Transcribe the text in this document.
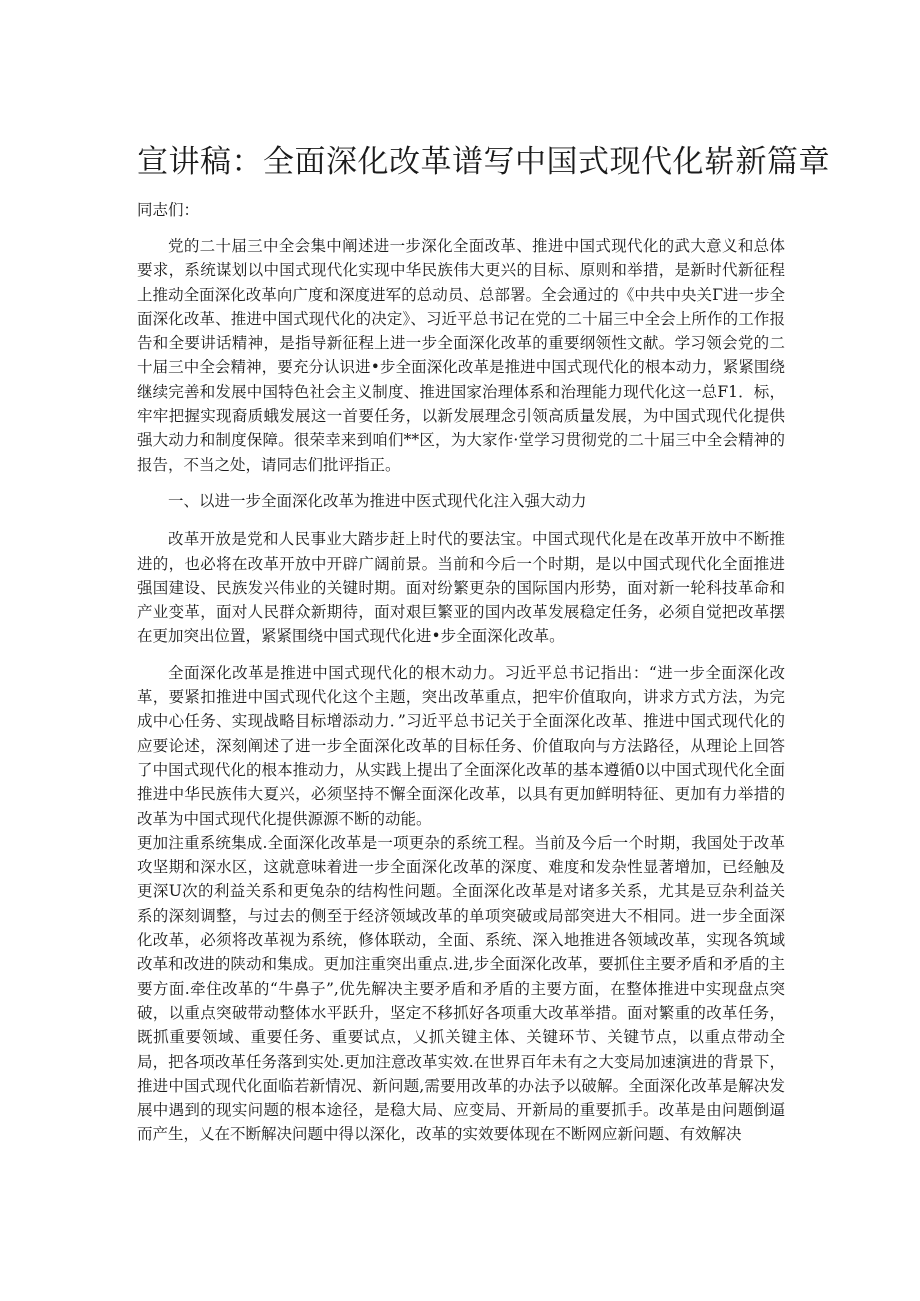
宣讲稿：全面深化改革谱写中国式现代化崭新篇章

同志们：

党的二十届三中全会集中阐述进一步深化全面改革、推进中国式现代化的武大意义和总体要求，系统谋划以中国式现代化实现中华民族伟大更兴的目标、原则和举措，是新时代新征程上推动全面深化改革向广度和深度进军的总动员、总部署。全会通过的《中共中央关Γ进一步全面深化改革、推进中国式现代化的决定》、习近平总书记在党的二十届三中全会上所作的工作报告和全要讲话精神，是指导新征程上进一步全面深化改革的重要纲领性文献。学习领会党的二十届三中全会精神，要充分认识进•步全面深化改革是推进中国式现代化的根本动力，紧紧围绕继续完善和发展中国特色社会主义制度、推进国家治理体系和治理能力现代化这一总F1．标，牢牢把握实现裔质蛾发展这一首要任务，以新发展理念引领高质量发展，为中国式现代化提供强大动力和制度保障。很荣幸来到咱们**区，为大家作·堂学习贯彻党的二十届三中全会精神的报告，不当之处，请同志们批评指正。

一、以进一步全面深化改革为推进中医式现代化注入强大动力

改革开放是党和人民事业大踏步赶上时代的要法宝。中国式现代化是在改革开放中不断推进的，也必将在改革开放中开辟广阔前景。当前和今后一个时期，是以中国式现代化全面推进强国建设、民族发兴伟业的关键时期。面对纷繁更杂的国际国内形势，面对新一轮科技革命和产业变革，面对人民群众新期待，面对艰巨繁亚的国内改革发展稳定任务，必须自觉把改革摆在更加突出位置，紧紧围绕中国式现代化进•步全面深化改革。

全面深化改革是推进中国式现代化的根木动力。习近平总书记指出：“进一步全面深化改革，要紧扣推进中国式现代化这个主题，突出改革重点，把牢价值取向，讲求方式方法，为完成中心任务、实现战略目标增添动力．”习近平总书记关于全面深化改革、推进中国式现代化的应要论述，深刻阐述了进一步全面深化改革的目标任务、价值取向与方法路径，从理论上回答了中国式现代化的根本推动力，从实践上提出了全面深化改革的基本遵循0以中国式现代化全面推进中华民族伟大夏兴，必须坚持不懈全面深化改革，以具有更加鲜明特征、更加有力举措的改革为中国式现代化提供源源不断的动能。

更加注重系统集成.全面深化改革是一项更杂的系统工程。当前及今后一个时期，我国处于改革攻坚期和深水区，这就意味着进一步全面深化改革的深度、难度和发杂性显著增加，已经触及更深U次的利益关系和更兔杂的结构性问题。全面深化改革是对诸多关系，尤其是豆杂利益关系的深刻调整，与过去的侧至于经济领域改革的单项突破或局部突进大不相同。进一步全面深化改革，必须将改革视为系统，修体联动，全面、系统、深入地推进各领域改革，实现各筑域改革和改进的陕动和集成。更加注重突出重点.进,步全面深化改革，要抓住主要矛盾和矛盾的主要方面.牵住改革的“牛鼻子”,优先解决主要矛盾和矛盾的主要方面，在整体推进中实现盘点突破，以重点突破带动整体水平跃升，坚定不移抓好各项重大改革举措。面对繁重的改革任务，既抓重要领域、重要任务、重要试点，乂抓关键主体、关键环节、关键节点，以重点带动全局，把各项改革任务落到实处.更加注意改革实效.在世界百年未有之大变局加速演进的背景下，推进中国式现代化面临若新情况、新问题,需要用改革的办法予以破解。全面深化改革是解决发展中遇到的现实问题的根本途径，是稳大局、应变局、开新局的重要抓手。改革是由问题倒逼而产生，乂在不断解决问题中得以深化，改革的实效要体现在不断网应新问题、有效解决
